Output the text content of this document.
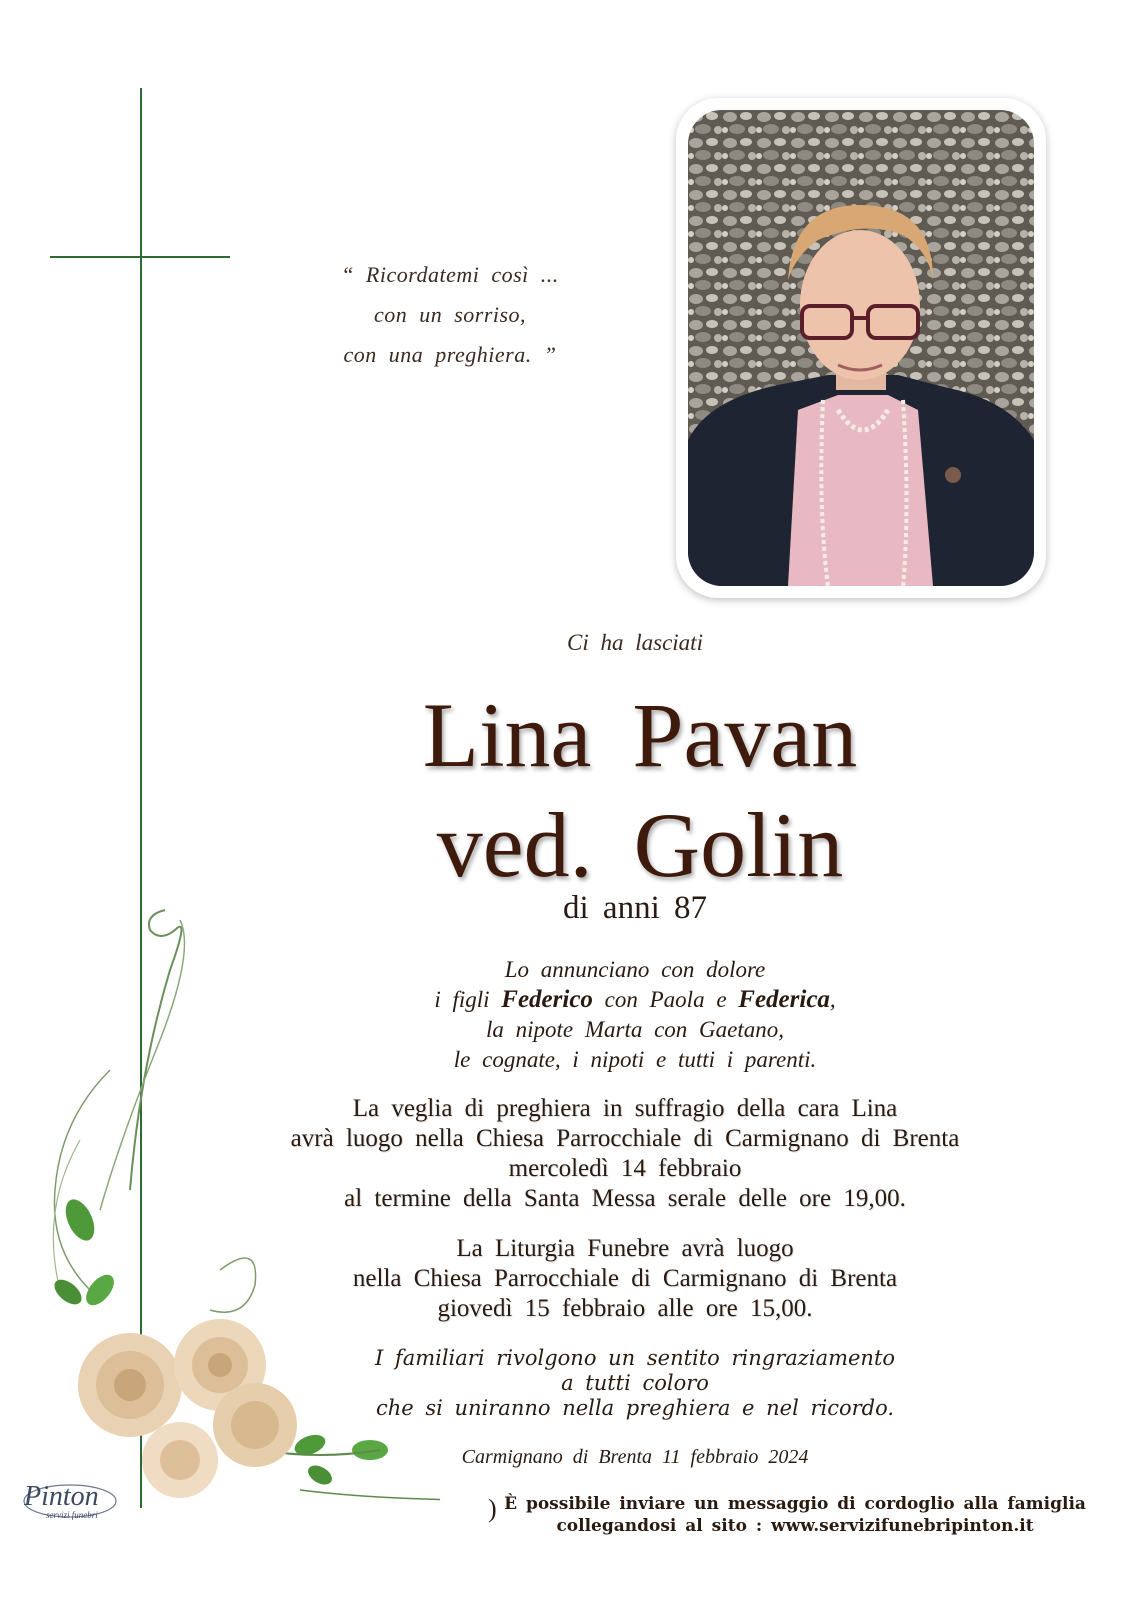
“ Ricordatemi così ...
con un sorriso,
con una preghiera. ”
Ci ha lasciati
Lina Pavan
ved. Golin
di anni 87
Lo annunciano con dolore
i figli Federico con Paola e Federica,
la nipote Marta con Gaetano,
le cognate, i nipoti e tutti i parenti.
La veglia di preghiera in suffragio della cara Lina
avrà luogo nella Chiesa Parrocchiale di Carmignano di Brenta
mercoledì 14 febbraio
al termine della Santa Messa serale delle ore 19,00.
La Liturgia Funebre avrà luogo
nella Chiesa Parrocchiale di Carmignano di Brenta
giovedì 15 febbraio alle ore 15,00.
I familiari rivolgono un sentito ringraziamento
a tutti coloro
che si uniranno nella preghiera e nel ricordo.
Carmignano di Brenta 11 febbraio 2024
) È possibile inviare un messaggio di cordoglio alla famiglia
collegandosi al sito : www.servizifunebripinton.it
Pinton
servizi funebri
